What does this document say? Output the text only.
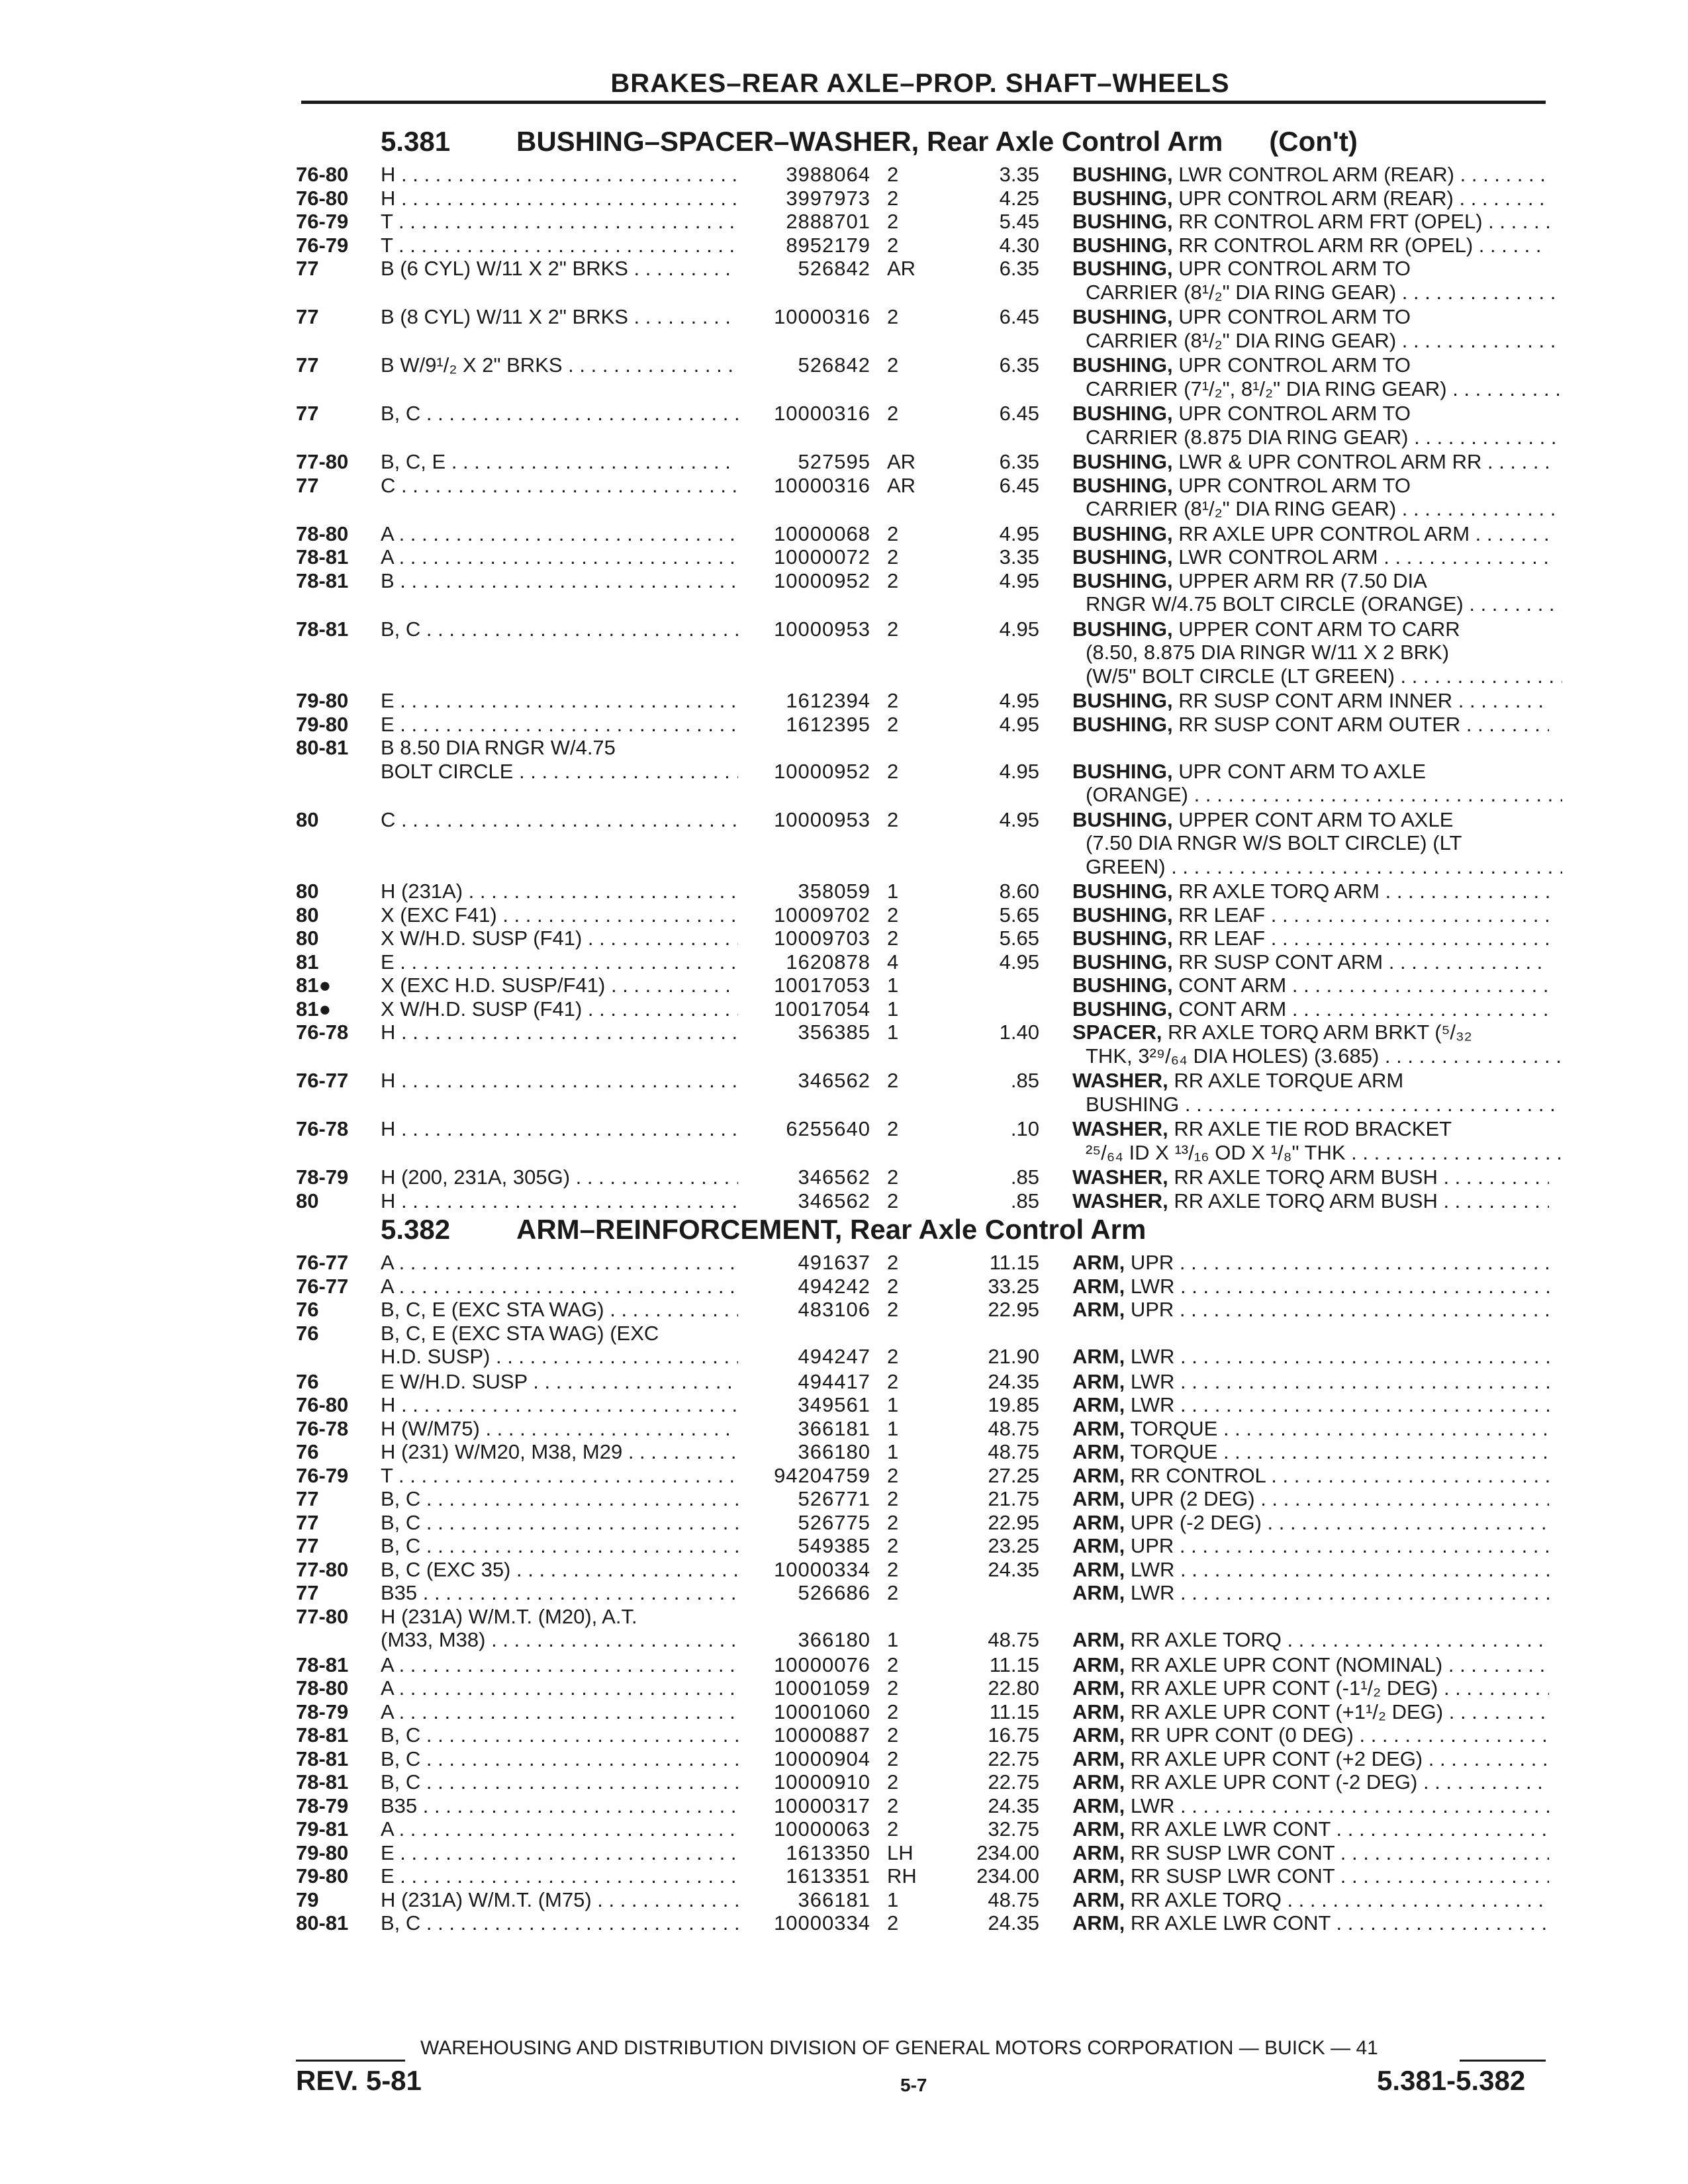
BRAKES–REAR AXLE–PROP. SHAFT–WHEELS
5.381 BUSHING–SPACER–WASHER, Rear Axle Control Arm (Con't)
76-80	H . . .	3988064 2	3.35 BUSHING, LWR CONTROL ARM (REAR) . . .
76-80	H . . .	3997973 2	4.25 BUSHING, UPR CONTROL ARM (REAR) . . .
76-79	T . . .	2888701 2	5.45 BUSHING, RR CONTROL ARM FRT (OPEL) . . .
76-79	T . . .	8952179 2	4.30 BUSHING, RR CONTROL ARM RR (OPEL) . . .
77	B (6 CYL) W/11 X 2" BRKS . . .	526842 AR	6.35 BUSHING, UPR CONTROL ARM TO
CARRIER (8¹/₂" DIA RING GEAR) . . .
77	B (8 CYL) W/11 X 2" BRKS . . .	10000316 2	6.45 BUSHING, UPR CONTROL ARM TO
CARRIER (8¹/₂" DIA RING GEAR) . . .
77	B W/9¹/₂ X 2" BRKS . . .	526842 2	6.35 BUSHING, UPR CONTROL ARM TO
CARRIER (7¹/₂", 8¹/₂" DIA RING GEAR) . . .
77	B, C . . .	10000316 2	6.45 BUSHING, UPR CONTROL ARM TO
CARRIER (8.875 DIA RING GEAR) . . .
77-80	B, C, E . . .	527595 AR	6.35 BUSHING, LWR & UPR CONTROL ARM RR . . .
77	C . . .	10000316 AR	6.45 BUSHING, UPR CONTROL ARM TO
CARRIER (8¹/₂" DIA RING GEAR) . . .
78-80	A . . .	10000068 2	4.95 BUSHING, RR AXLE UPR CONTROL ARM . . .
78-81	A . . .	10000072 2	3.35 BUSHING, LWR CONTROL ARM . . .
78-81	B . . .	10000952 2	4.95 BUSHING, UPPER ARM RR (7.50 DIA
RNGR W/4.75 BOLT CIRCLE (ORANGE) . . .
78-81	B, C . . .	10000953 2	4.95 BUSHING, UPPER CONT ARM TO CARR
(8.50, 8.875 DIA RINGR W/11 X 2 BRK)
(W/5" BOLT CIRCLE (LT GREEN) . . .
79-80	E . . .	1612394 2	4.95 BUSHING, RR SUSP CONT ARM INNER . . .
79-80	E . . .	1612395 2	4.95 BUSHING, RR SUSP CONT ARM OUTER . . .
80-81	B 8.50 DIA RNGR W/4.75
BOLT CIRCLE . . .	10000952 2	4.95 BUSHING, UPR CONT ARM TO AXLE
(ORANGE) . . .
80	C . . .	10000953 2	4.95 BUSHING, UPPER CONT ARM TO AXLE
(7.50 DIA RNGR W/S BOLT CIRCLE) (LT
GREEN) . . .
80	H (231A) . . .	358059 1	8.60 BUSHING, RR AXLE TORQ ARM . . .
80	X (EXC F41) . . .	10009702 2	5.65 BUSHING, RR LEAF . . .
80	X W/H.D. SUSP (F41) . . .	10009703 2	5.65 BUSHING, RR LEAF . . .
81	E . . .	1620878 4	4.95 BUSHING, RR SUSP CONT ARM . . .
81●	X (EXC H.D. SUSP/F41) . . .	10017053 1	BUSHING, CONT ARM . . .
81●	X W/H.D. SUSP (F41) . . .	10017054 1	BUSHING, CONT ARM . . .
76-78	H . . .	356385 1	1.40 SPACER, RR AXLE TORQ ARM BRKT (⁵/₃₂
THK, 3²⁹/₆₄ DIA HOLES) (3.685) . . .
76-77	H . . .	346562 2	.85 WASHER, RR AXLE TORQUE ARM
BUSHING . . .
76-78	H . . .	6255640 2	.10 WASHER, RR AXLE TIE ROD BRACKET
²⁵/₆₄ ID X ¹³/₁₆ OD X ¹/₈" THK . . .
78-79	H (200, 231A, 305G) . . .	346562 2	.85 WASHER, RR AXLE TORQ ARM BUSH . . .
80	H . . .	346562 2	.85 WASHER, RR AXLE TORQ ARM BUSH . . .
5.382 ARM–REINFORCEMENT, Rear Axle Control Arm
76-77	A . . .	491637 2	11.15 ARM, UPR . . .
76-77	A . . .	494242 2	33.25 ARM, LWR . . .
76	B, C, E (EXC STA WAG) . . .	483106 2	22.95 ARM, UPR . . .
76	B, C, E (EXC STA WAG) (EXC
H.D. SUSP) . . .	494247 2	21.90 ARM, LWR . . .
76	E W/H.D. SUSP . . .	494417 2	24.35 ARM, LWR . . .
76-80	H . . .	349561 1	19.85 ARM, LWR . . .
76-78	H (W/M75) . . .	366181 1	48.75 ARM, TORQUE . . .
76	H (231) W/M20, M38, M29 . . .	366180 1	48.75 ARM, TORQUE . . .
76-79	T . . .	94204759 2	27.25 ARM, RR CONTROL . . .
77	B, C . . .	526771 2	21.75 ARM, UPR (2 DEG) . . .
77	B, C . . .	526775 2	22.95 ARM, UPR (-2 DEG) . . .
77	B, C . . .	549385 2	23.25 ARM, UPR . . .
77-80	B, C (EXC 35) . . .	10000334 2	24.35 ARM, LWR . . .
77	B35 . . .	526686 2	ARM, LWR . . .
77-80	H (231A) W/M.T. (M20), A.T.
(M33, M38) . . .	366180 1	48.75 ARM, RR AXLE TORQ . . .
78-81	A . . .	10000076 2	11.15 ARM, RR AXLE UPR CONT (NOMINAL) . . .
78-80	A . . .	10001059 2	22.80 ARM, RR AXLE UPR CONT (-1¹/₂ DEG) . . .
78-79	A . . .	10001060 2	11.15 ARM, RR AXLE UPR CONT (+1¹/₂ DEG) . . .
78-81	B, C . . .	10000887 2	16.75 ARM, RR UPR CONT (0 DEG) . . .
78-81	B, C . . .	10000904 2	22.75 ARM, RR AXLE UPR CONT (+2 DEG) . . .
78-81	B, C . . .	10000910 2	22.75 ARM, RR AXLE UPR CONT (-2 DEG) . . .
78-79	B35 . . .	10000317 2	24.35 ARM, LWR . . .
79-81	A . . .	10000063 2	32.75 ARM, RR AXLE LWR CONT . . .
79-80	E . . .	1613350 LH	234.00 ARM, RR SUSP LWR CONT . . .
79-80	E . . .	1613351 RH	234.00 ARM, RR SUSP LWR CONT . . .
79	H (231A) W/M.T. (M75) . . .	366181 1	48.75 ARM, RR AXLE TORQ . . .
80-81	B, C . . .	10000334 2	24.35 ARM, RR AXLE LWR CONT . . .
WAREHOUSING AND DISTRIBUTION DIVISION OF GENERAL MOTORS CORPORATION — BUICK — 41
REV. 5-81	5-7	5.381-5.382
